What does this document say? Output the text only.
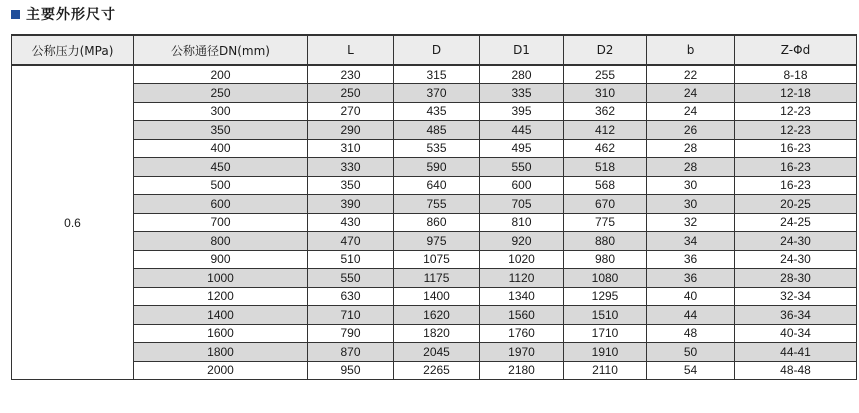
主要外形尺寸
公称压力(MPa)	公称通径DN(mm)	L	D	D1	D2	b	Z-Φd
0.6	200	230	315	280	255	22	8-18
	250	250	370	335	310	24	12-18
	300	270	435	395	362	24	12-23
	350	290	485	445	412	26	12-23
	400	310	535	495	462	28	16-23
	450	330	590	550	518	28	16-23
	500	350	640	600	568	30	16-23
	600	390	755	705	670	30	20-25
	700	430	860	810	775	32	24-25
	800	470	975	920	880	34	24-30
	900	510	1075	1020	980	36	24-30
	1000	550	1175	1120	1080	36	28-30
	1200	630	1400	1340	1295	40	32-34
	1400	710	1620	1560	1510	44	36-34
	1600	790	1820	1760	1710	48	40-34
	1800	870	2045	1970	1910	50	44-41
	2000	950	2265	2180	2110	54	48-48
